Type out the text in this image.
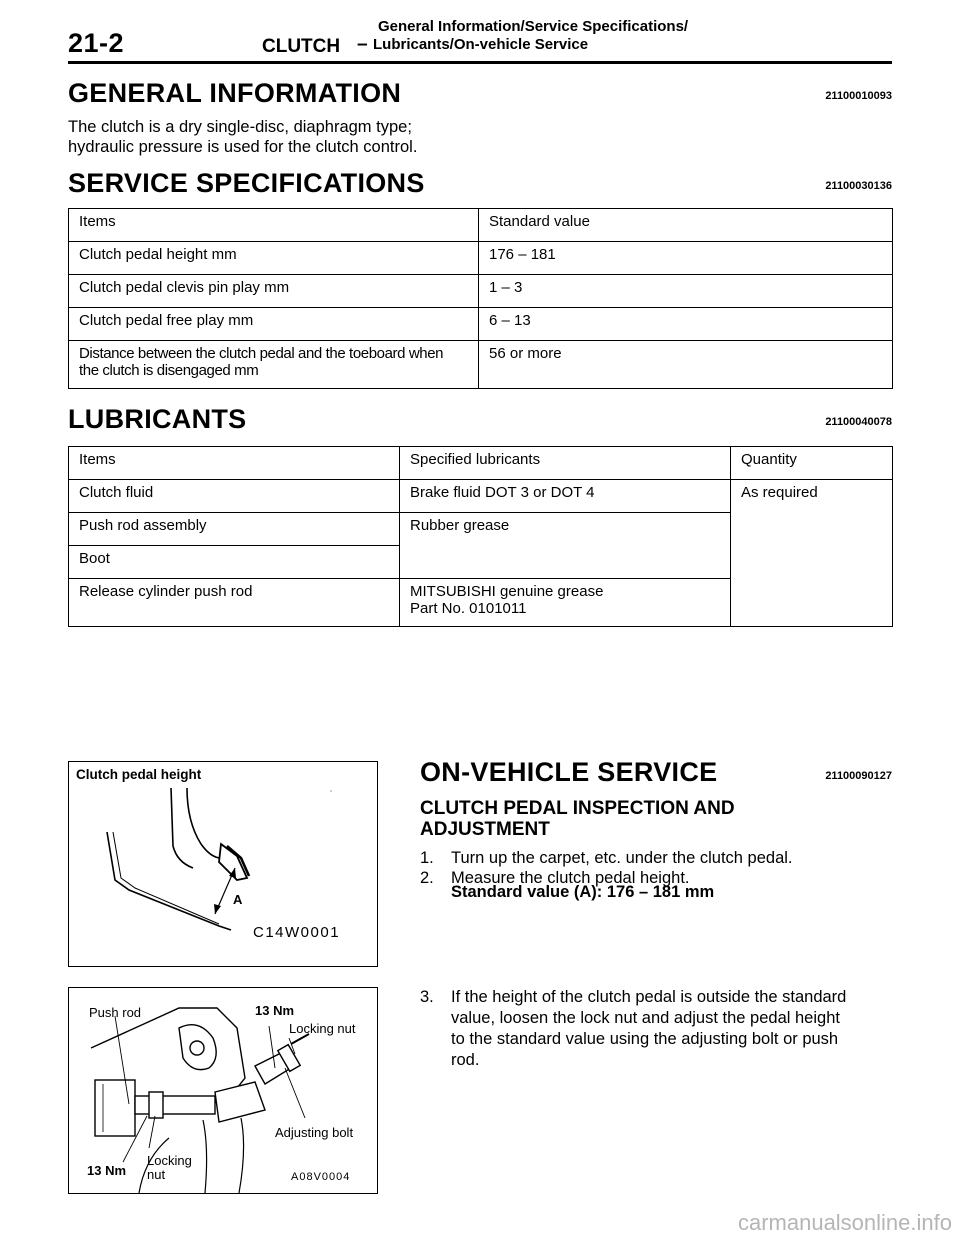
21-2	CLUTCH –
General Information/Service Specifications/
Lubricants/On-vehicle Service
GENERAL INFORMATION	21100010093
The clutch is a dry single-disc, diaphragm type;
hydraulic pressure is used for the clutch control.
SERVICE SPECIFICATIONS	21100030136
Items	Standard value
Clutch pedal height mm	176 – 181
Clutch pedal clevis pin play mm	1 – 3
Clutch pedal free play mm	6 – 13

Distance between the clutch pedal and the toeboard when
the clutch is disengaged mm	56 or more
LUBRICANTS	21100040078
Items	Specified lubricants	Quantity
Clutch fluid	Brake fluid DOT 3 or DOT 4	As required
Push rod assembly	Rubber grease	
Boot		
Release cylinder push rod	MITSUBISHI genuine grease
Part No. 0101011	
Clutch pedal height
A
C14W0001
Push rod	13 Nm
Locking nut
Adjusting bolt
Locking
nut
13 Nm	A08V0004
ON-VEHICLE SERVICE	21100090127
CLUTCH PEDAL INSPECTION AND
ADJUSTMENT
1. Turn up the carpet, etc. under the clutch pedal.
2. Measure the clutch pedal height.
Standard value (A): 176 – 181 mm
3. If the height of the clutch pedal is outside the standard
value, loosen the lock nut and adjust the pedal height
to the standard value using the adjusting bolt or push
rod.
carmanualsonline.info
